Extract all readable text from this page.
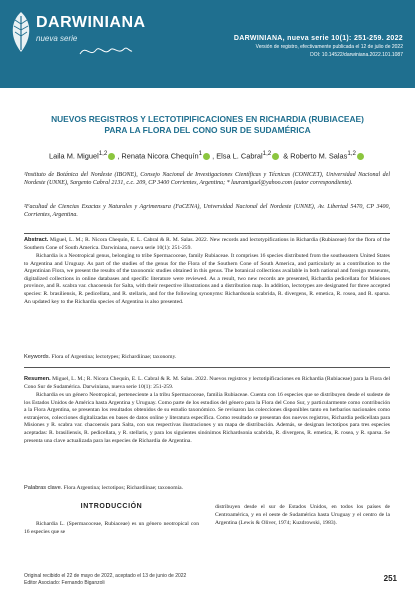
DARWINIANA
nueva serie	DARWINIANA, nueva serie 10(1): 251-259. 2022
Versión de registro, efectivamente publicada el 12 de julio de 2022
DOI: 10.14522/darwiniana.2022.101.1087
NUEVOS REGISTROS Y LECTOTIPIFICACIONES EN RICHARDIA (RUBIACEAE)
PARA LA FLORA DEL CONO SUR DE SUDAMÉRICA
Laila M. Miguel$^{1,2}$ , Renata Nicora Chequín$^1$ , Elsa L. Cabral$^{1,2}$ & Roberto M. Salas$^{1,2}$
¹Instituto de Botánica del Nordeste (IBONE), Consejo Nacional de Investigaciones Científicas y Técnicas (CONICET), Universidad Nacional del Nordeste (UNNE), Sargento Cabral 2131, c.c. 209, CP 3400 Corrientes, Argentina; * lauramiguel@yahoo.com (autor correspondiente).
²Facultad de Ciencias Exactas y Naturales y Agrimensura (FaCENA), Universidad Nacional del Nordeste (UNNE), Av. Libertad 5470, CP 3400, Corrientes, Argentina.
Abstract. Miguel, L. M.; R. Nicora Chequín, E. L. Cabral & R. M. Salas. 2022. New records and lectotypifications in Richardia (Rubiaceae) for the flora of the Southern Cone of South America. Darwiniana, nueva serie 10(1): 251-259.
Richardia is a Neotropical genus, belonging to tribe Spermacoceae, family Rubiaceae. It comprises 16 species distributed from the southeastern United States to Argentina and Uruguay. As part of the studies of the genus for the Flora of the Southern Cone of South America, and particularly as a contribution to the Argentinian Flora, we present the results of the taxonomic studies obtained in this genus. The botanical collections available in both national and foreign museums, digitalized collections in online databases and specific literature were reviewed. As a result, two new records are presented, Richardia pedicellata for Misiones province, and R. scabra var. chacoensis for Salta, with their respective illustrations and a distribution map. In addition, lectotypes are designated for three accepted species: R. brasiliensis, R. pedicellata, and R. stellaris, and for the following synonyms: Richardsonia scabrida, R. divergens, R. emetica, R. rosea, and R. sparsa. An updated key to the Richardia species of Argentina is also presented.
Keywords. Flora of Argentina; lectotypes; Richardiinae; taxonomy.
Resumen. Miguel, L. M.; R. Nicora Chequín, E. L. Cabral & R. M. Salas. 2022. Nuevos registros y lectotipificaciones en Richardia (Rubiaceae) para la Flora del Cono Sur de Sudamérica. Darwiniana, nueva serie 10(1): 251-259.
Richardia es un género Neotropical, perteneciente a la tribu Spermacoceae, familia Rubiaceae. Cuenta con 16 especies que se distribuyen desde el sudeste de los Estados Unidos de América hasta Argentina y Uruguay. Como parte de los estudios del género para la Flora del Cono Sur, y particularmente como contribución a la Flora Argentina, se presentan los resultados obtenidos de su estudio taxonómico. Se revisaron las colecciones disponibles tanto en herbarios nacionales como extranjeros, colecciones digitalizadas en bases de datos online y literatura específica. Como resultado se presentan dos nuevos registros, Richardia pedicellata para Misiones y R. scabra var. chacoensis para Salta, con sus respectivas ilustraciones y un mapa de distribución. Además, se designan lectotipos para tres especies aceptadas: R. brasiliensis, R. pedicellata, y R. stellaris, y para los siguientes sinónimos Richardsonia scabrida, R. divergens, R. emetica, R. rosea, y R. sparsa. Se presenta una clave actualizada para las especies de Richardia de Argentina.
Palabras clave. Flora Argentina; lectotipos; Richardiinae; taxonomía.
INTRODUCCIÓN
Richardia L. (Spermacoceae, Rubiaceae) es un género neotropical con 16 especies que se
distribuyen desde el sur de Estados Unidos, en todos los países de Centroamérica, y en el oeste de Sudamérica hasta Uruguay y el centro de la Argentina (Lewis & Oliver, 1974; Kuzdrowski, 1983).
Original recibido el 22 de mayo de 2022, aceptado el 13 de junio de 2022
Editor Asociado: Fernando Biganzoli	251
